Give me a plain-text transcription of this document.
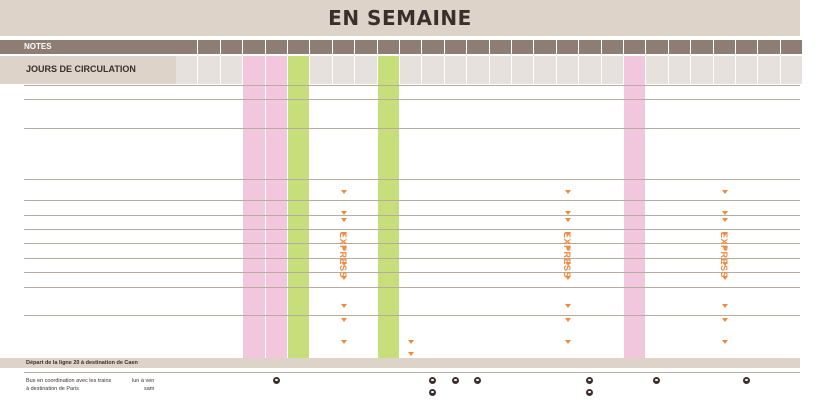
EN SEMAINE
NOTES
JOURS DE CIRCULATION
EXPRESS	EXPRESS	EXPRESS
Départ de la ligne 20 à destination de Caen
Bus en coordination avec les trains
à destination de Paris
lun à ven
sam
